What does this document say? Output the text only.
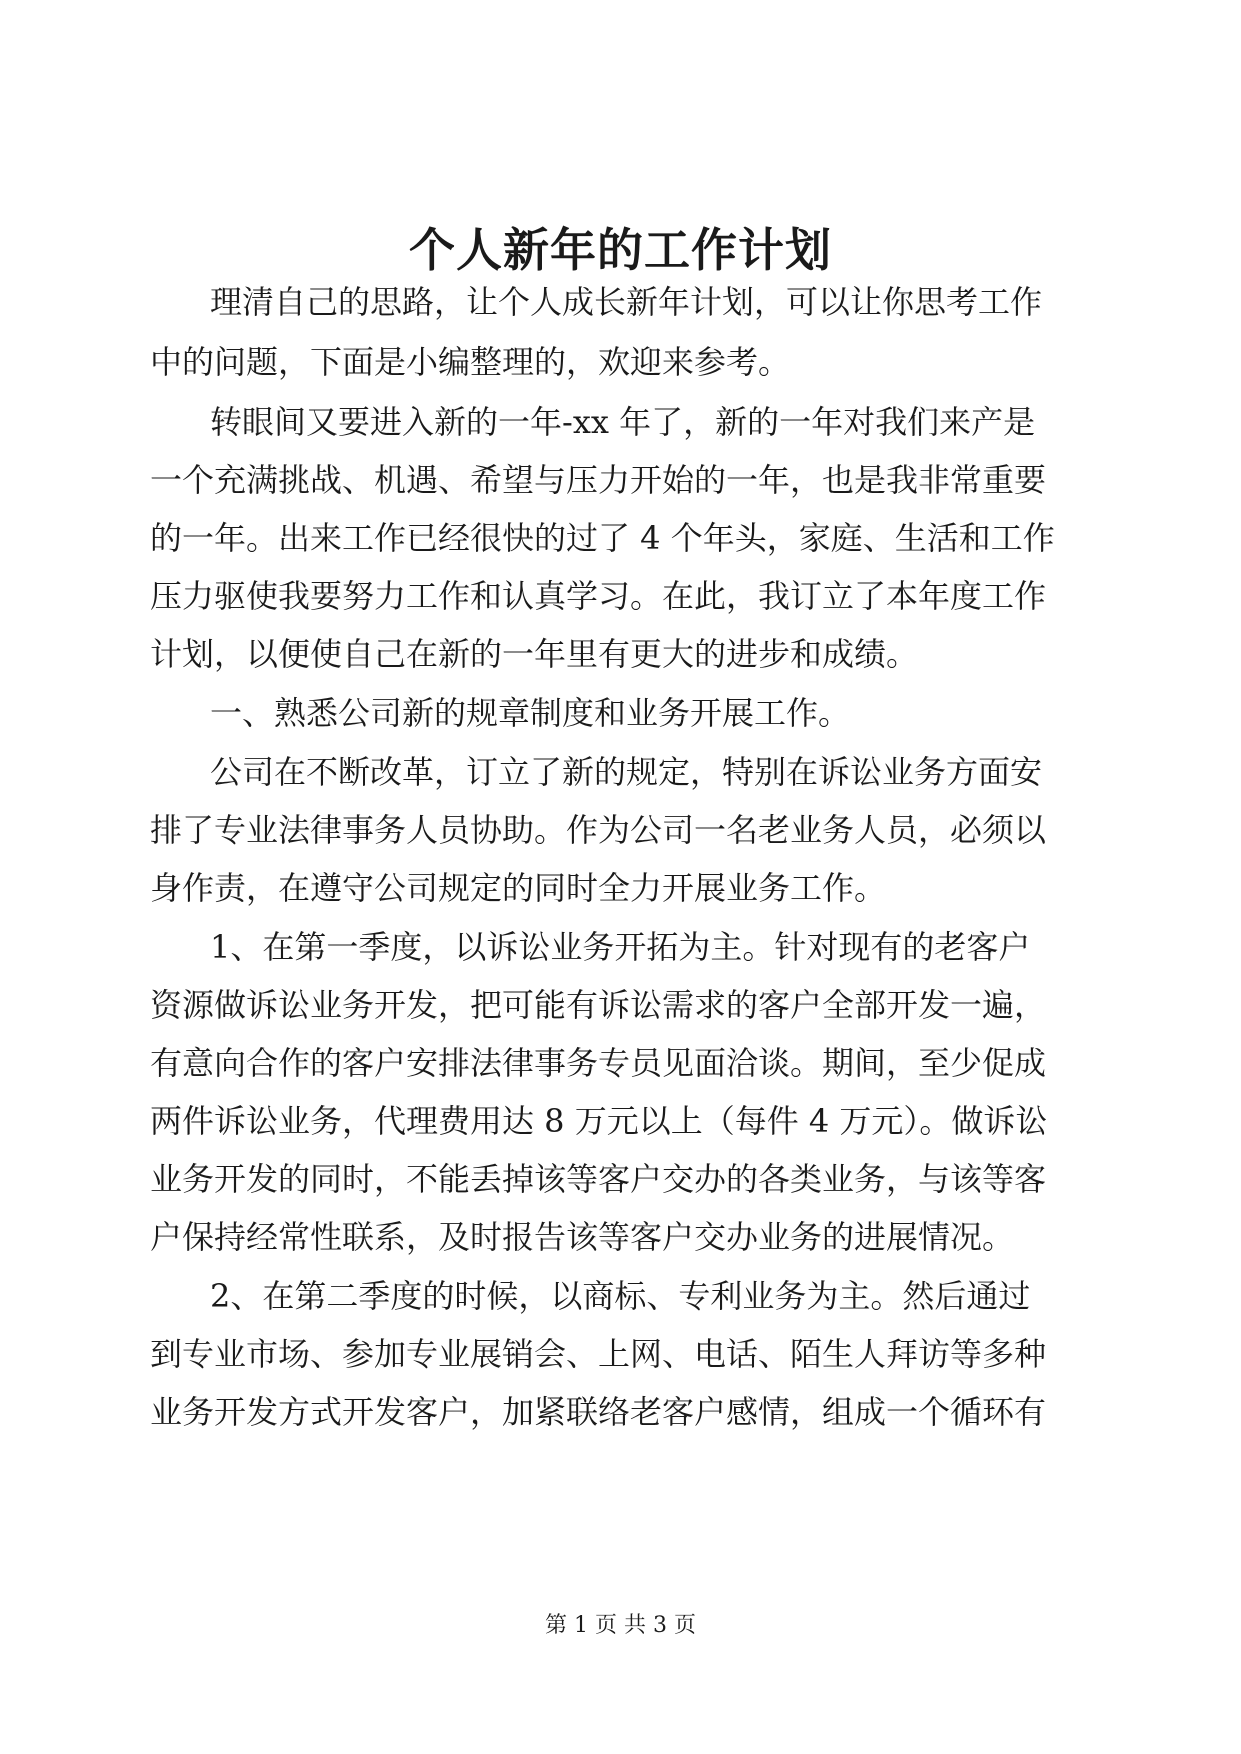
个人新年的工作计划
理清自己的思路，让个人成长新年计划，可以让你思考工作
中的问题，下面是小编整理的，欢迎来参考。
转眼间又要进入新的一年-xx 年了，新的一年对我们来产是
一个充满挑战、机遇、希望与压力开始的一年，也是我非常重要
的一年。出来工作已经很快的过了 4 个年头，家庭、生活和工作
压力驱使我要努力工作和认真学习。在此，我订立了本年度工作
计划，以便使自己在新的一年里有更大的进步和成绩。
一、熟悉公司新的规章制度和业务开展工作。
公司在不断改革，订立了新的规定，特别在诉讼业务方面安
排了专业法律事务人员协助。作为公司一名老业务人员，必须以
身作责，在遵守公司规定的同时全力开展业务工作。
1、在第一季度，以诉讼业务开拓为主。针对现有的老客户
资源做诉讼业务开发，把可能有诉讼需求的客户全部开发一遍，
有意向合作的客户安排法律事务专员见面洽谈。期间，至少促成
两件诉讼业务，代理费用达 8 万元以上（每件 4 万元）。做诉讼
业务开发的同时，不能丢掉该等客户交办的各类业务，与该等客
户保持经常性联系，及时报告该等客户交办业务的进展情况。
2、在第二季度的时候，以商标、专利业务为主。然后通过
到专业市场、参加专业展销会、上网、电话、陌生人拜访等多种
业务开发方式开发客户，加紧联络老客户感情，组成一个循环有
第 1 页 共 3 页
